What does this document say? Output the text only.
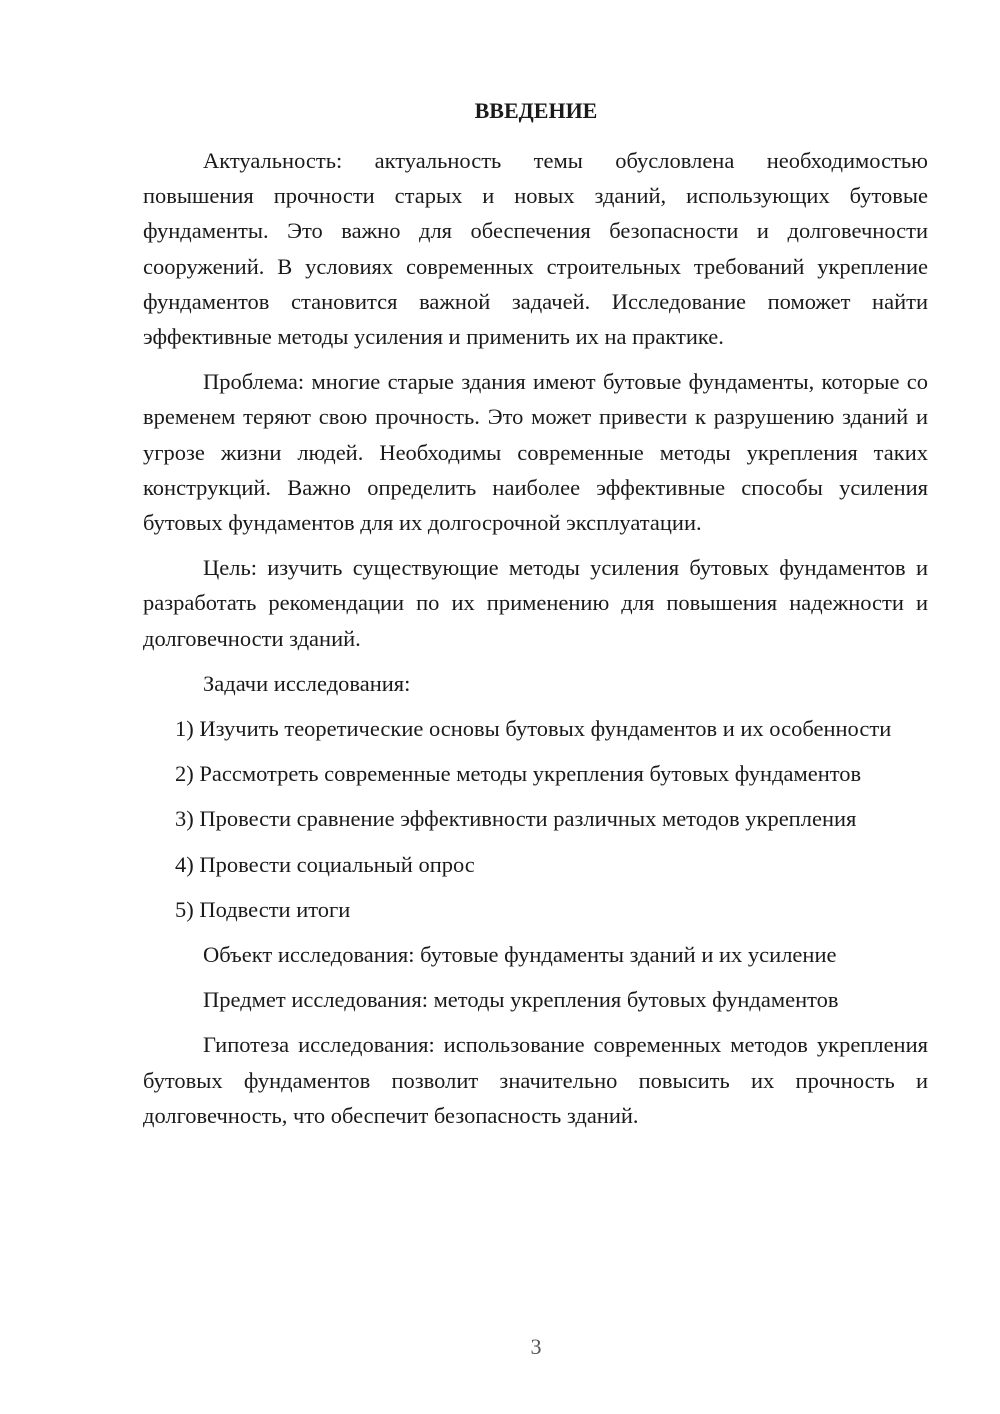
ВВЕДЕНИЕ

Актуальность: актуальность темы обусловлена необходимостью повышения прочности старых и новых зданий, использующих бутовые фундаменты. Это важно для обеспечения безопасности и долговечности сооружений. В условиях современных строительных требований укрепление фундаментов становится важной задачей. Исследование поможет найти эффективные методы усиления и применить их на практике.

Проблема: многие старые здания имеют бутовые фундаменты, которые со временем теряют свою прочность. Это может привести к разрушению зданий и угрозе жизни людей. Необходимы современные методы укрепления таких конструкций. Важно определить наиболее эффективные способы усиления бутовых фундаментов для их долгосрочной эксплуатации.

Цель: изучить существующие методы усиления бутовых фундаментов и разработать рекомендации по их применению для повышения надежности и долговечности зданий.

Задачи исследования:

1) Изучить теоретические основы бутовых фундаментов и их особенности

2) Рассмотреть современные методы укрепления бутовых фундаментов

3) Провести сравнение эффективности различных методов укрепления

4) Провести социальный опрос

5) Подвести итоги

Объект исследования: бутовые фундаменты зданий и их усиление

Предмет исследования: методы укрепления бутовых фундаментов

Гипотеза исследования: использование современных методов укрепления бутовых фундаментов позволит значительно повысить их прочность и долговечность, что обеспечит безопасность зданий.

3
